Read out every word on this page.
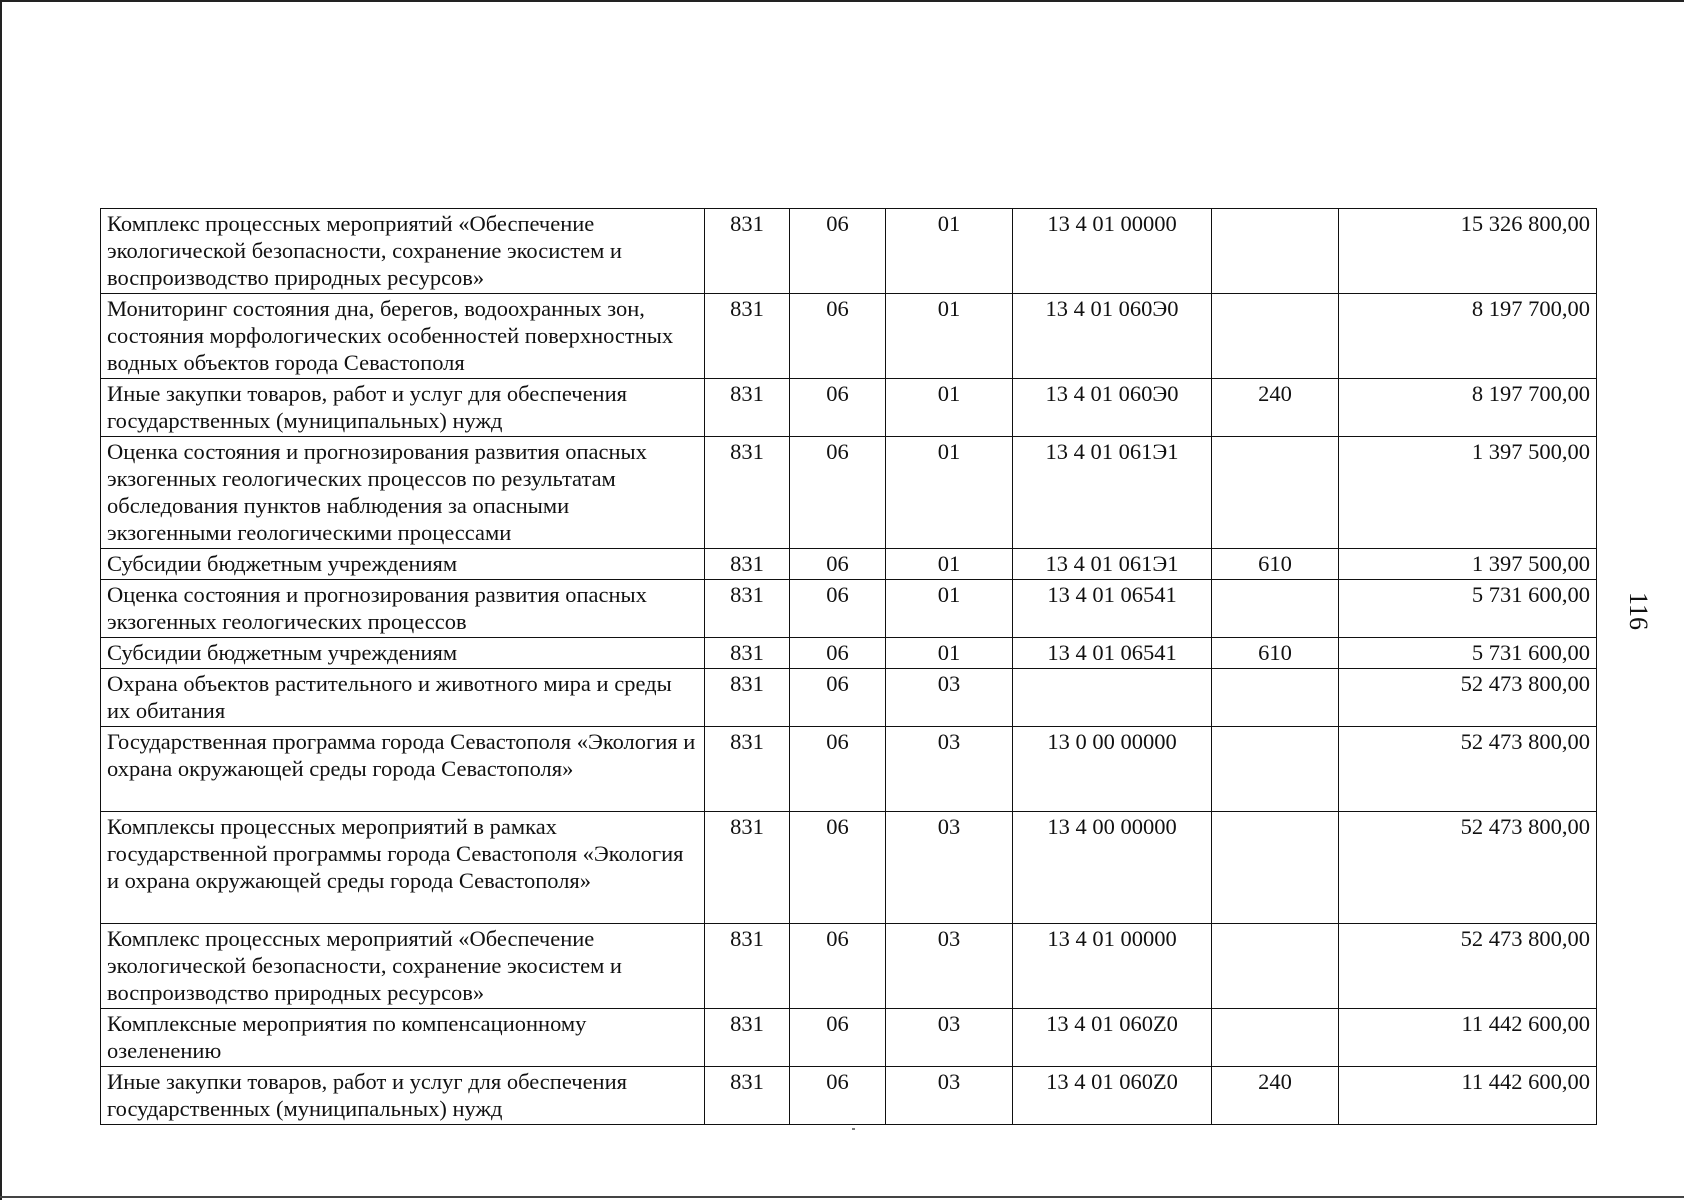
Комплекс процессных мероприятий «Обеспечение экологической безопасности, сохранение экосистем и воспроизводство природных ресурсов»	831	06	01	13 4 01 00000		15 326 800,00
Мониторинг состояния дна, берегов, водоохранных зон, состояния морфологических особенностей поверхностных водных объектов города Севастополя	831	06	01	13 4 01 060Э0		8 197 700,00
Иные закупки товаров, работ и услуг для обеспечения государственных (муниципальных) нужд	831	06	01	13 4 01 060Э0	240	8 197 700,00
Оценка состояния и прогнозирования развития опасных экзогенных геологических процессов по результатам обследования пунктов наблюдения за опасными экзогенными геологическими процессами	831	06	01	13 4 01 061Э1		1 397 500,00
Субсидии бюджетным учреждениям	831	06	01	13 4 01 061Э1	610	1 397 500,00
Оценка состояния и прогнозирования развития опасных экзогенных геологических процессов	831	06	01	13 4 01 06541		5 731 600,00
Субсидии бюджетным учреждениям	831	06	01	13 4 01 06541	610	5 731 600,00
Охрана объектов растительного и животного мира и среды их обитания	831	06	03			52 473 800,00
Государственная программа города Севастополя «Экология и охрана окружающей среды города Севастополя»	831	06	03	13 0 00 00000		52 473 800,00
Комплексы процессных мероприятий в рамках государственной программы города Севастополя «Экология и охрана окружающей среды города Севастополя»	831	06	03	13 4 00 00000		52 473 800,00
Комплекс процессных мероприятий «Обеспечение экологической безопасности, сохранение экосистем и воспроизводство природных ресурсов»	831	06	03	13 4 01 00000		52 473 800,00
Комплексные мероприятия по компенсационному озеленению	831	06	03	13 4 01 060Z0		11 442 600,00
Иные закупки товаров, работ и услуг для обеспечения государственных (муниципальных) нужд	831	06	03	13 4 01 060Z0	240	11 442 600,00
116
